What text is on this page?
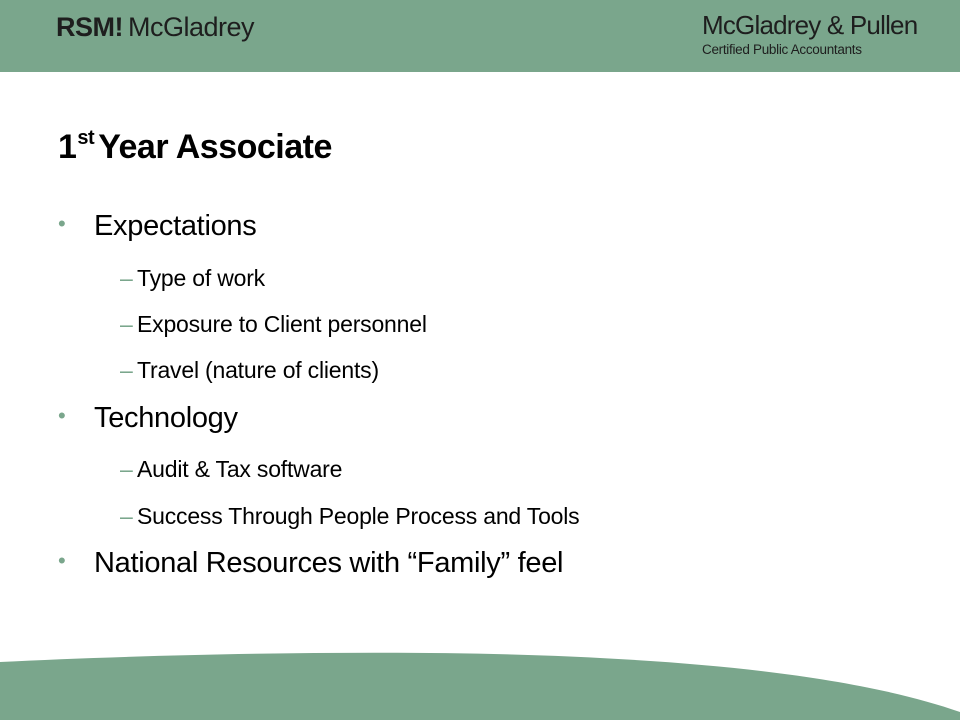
RSM ! McGladrey	McGladrey & Pullen
Certified Public Accountants
1st Year Associate
• Expectations
– Type of work
– Exposure to Client personnel
– Travel (nature of clients)
• Technology
– Audit & Tax software
– Success Through People Process and Tools
• National Resources with “Family” feel
